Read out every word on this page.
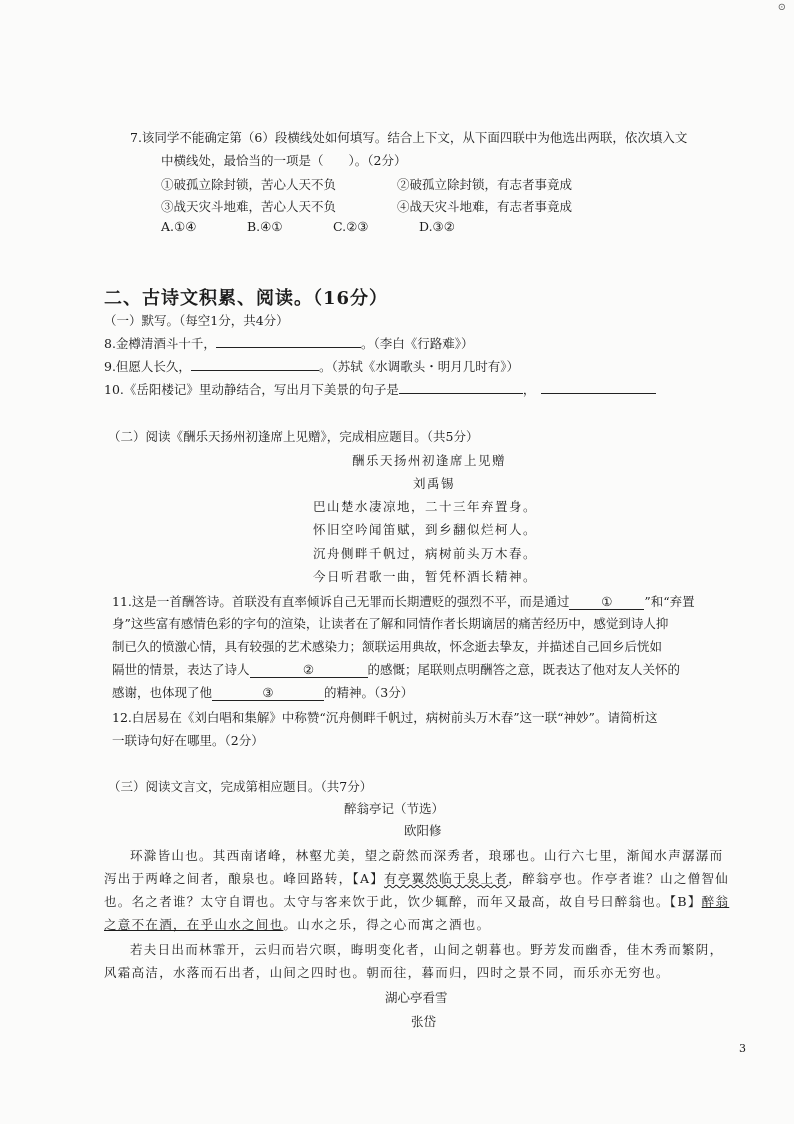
⊙
7.该同学不能确定第（6）段横线处如何填写。结合上下文，从下面四联中为他选出两联，依次填入文
中横线处，最恰当的一项是（　　）。（2分）
①破孤立除封锁，苦心人天不负	②破孤立除封锁，有志者事竟成
③战天灾斗地难，苦心人天不负	④战天灾斗地难，有志者事竟成
A.①④	B.④①	C.②③	D.③②
二、古诗文积累、阅读。（16分）
（一）默写。（每空1分，共4分）
8.金樽清酒斗十千，	。（李白《行路难》）
9.但愿人长久，	。（苏轼《水调歌头・明月几时有》）
10.《岳阳楼记》里动静结合，写出月下美景的句子是	，
（二）阅读《酬乐天扬州初逢席上见赠》，完成相应题目。（共5分）
酬乐天扬州初逢席上见赠
刘禹锡
巴山楚水凄凉地，二十三年弃置身。
怀旧空吟闻笛赋，到乡翻似烂柯人。
沉舟侧畔千帆过，病树前头万木春。
今日听君歌一曲，暂凭杯酒长精神。
11.这是一首酬答诗。首联没有直率倾诉自己无罪而长期遭贬的强烈不平，而是通过	①	”和“弃置
身”这些富有感情色彩的字句的渲染，让读者在了解和同情作者长期谪居的痛苦经历中，感觉到诗人抑
制已久的愤激心情，具有较强的艺术感染力；颔联运用典故，怀念逝去挚友，并描述自己回乡后恍如
隔世的情景，表达了诗人	②	的感慨；尾联则点明酬答之意，既表达了他对友人关怀的
感谢，也体现了他	③	的精神。（3分）
12.白居易在《刘白唱和集解》中称赞“沉舟侧畔千帆过，病树前头万木春”这一联“神妙”。请简析这
一联诗句好在哪里。（2分）
（三）阅读文言文，完成第相应题目。（共7分）
醉翁亭记（节选）
欧阳修
环滁皆山也。其西南诸峰，林壑尤美，望之蔚然而深秀者，琅琊也。山行六七里，渐闻水声潺潺而
泻出于两峰之间者，酿泉也。峰回路转，【A】有亭翼然临于泉上者，醉翁亭也。作亭者谁？山之僧智仙
也。名之者谁？太守自谓也。太守与客来饮于此，饮少辄醉，而年又最高，故自号曰醉翁也。【B】醉翁
之意不在酒，在乎山水之间也。山水之乐，得之心而寓之酒也。
若夫日出而林霏开，云归而岩穴暝，晦明变化者，山间之朝暮也。野芳发而幽香，佳木秀而繁阴，
风霜高洁，水落而石出者，山间之四时也。朝而往，暮而归，四时之景不同，而乐亦无穷也。
湖心亭看雪
张岱
3
